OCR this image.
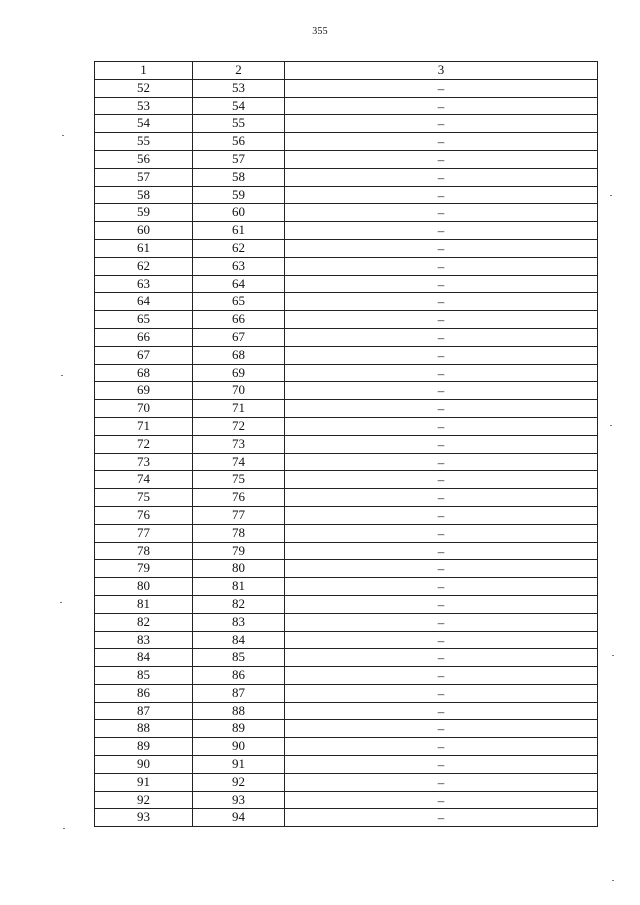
355
1	2	3
52	53	–
53	54	–
54	55	–
55	56	–
56	57	–
57	58	–
58	59	–
59	60	–
60	61	–
61	62	–
62	63	–
63	64	–
64	65	–
65	66	–
66	67	–
67	68	–
68	69	–
69	70	–
70	71	–
71	72	–
72	73	–
73	74	–
74	75	–
75	76	–
76	77	–
77	78	–
78	79	–
79	80	–
80	81	–
81	82	–
82	83	–
83	84	–
84	85	–
85	86	–
86	87	–
87	88	–
88	89	–
89	90	–
90	91	–
91	92	–
92	93	–
93	94	–
